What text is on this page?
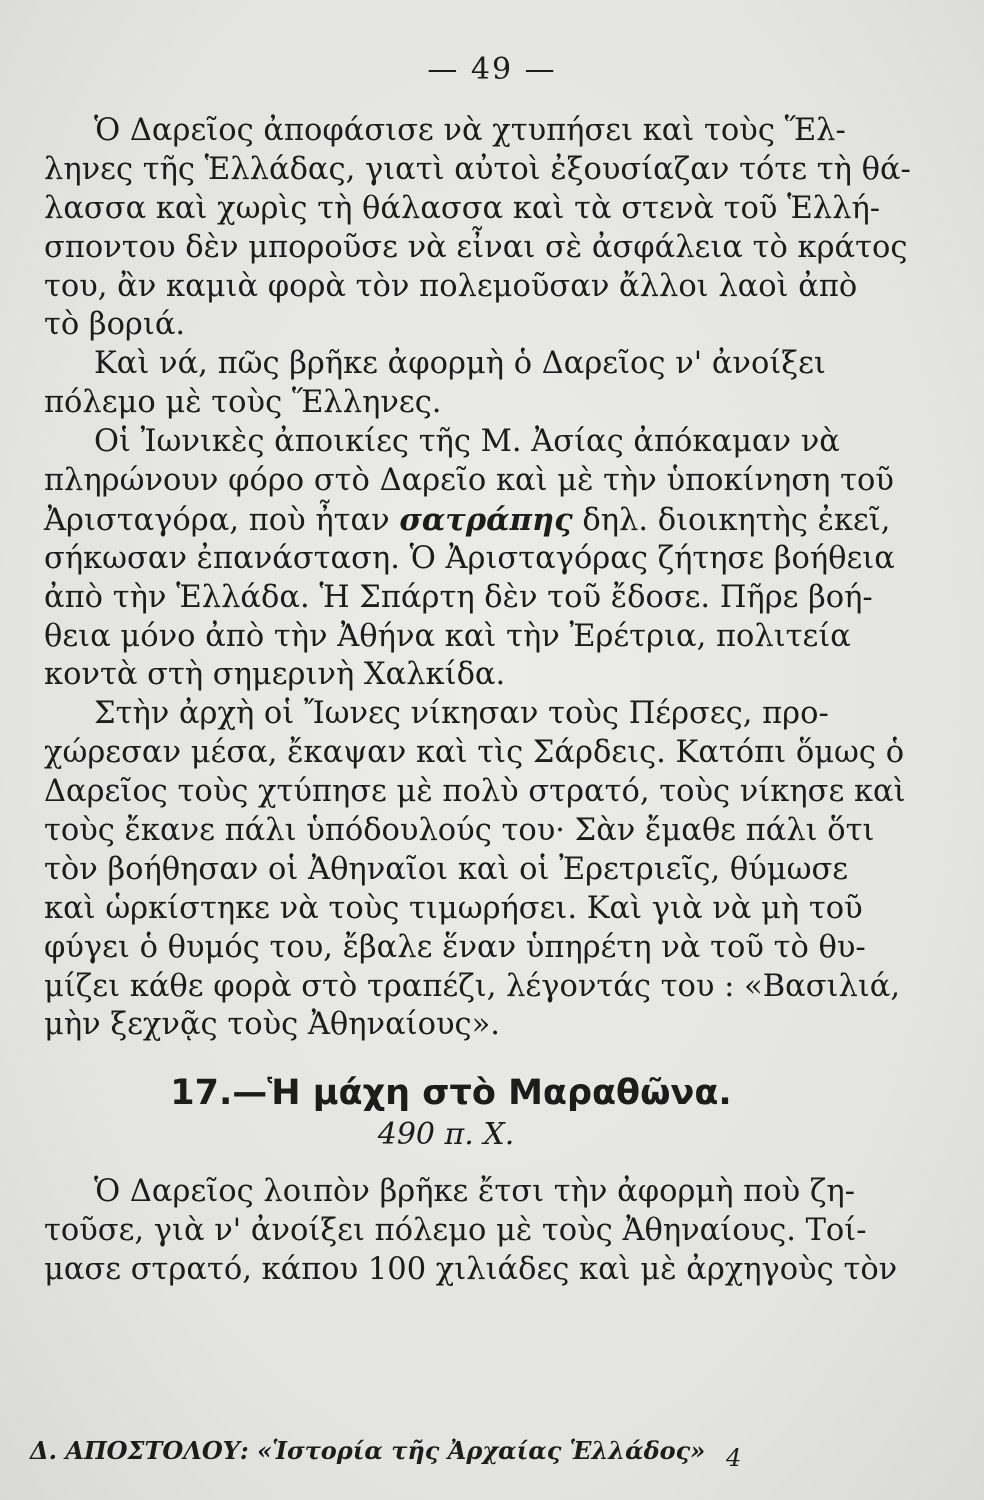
— 49 —
Ὁ Δαρεῖος ἀποφάσισε νὰ χτυπήσει καὶ τοὺς Ἕλ-
ληνες τῆς Ἑλλάδας, γιατὶ αὐτοὶ ἐξουσίαζαν τότε τὴ θά-
λασσα καὶ χωρὶς τὴ θάλασσα καὶ τὰ στενὰ τοῦ Ἑλλή-
σποντου δὲν μποροῦσε νὰ εἶναι σὲ ἀσφάλεια τὸ κράτος
του, ἂν καμιὰ φορὰ τὸν πολεμοῦσαν ἄλλοι λαοὶ ἀπὸ
τὸ βοριά.
Καὶ νά, πῶς βρῆκε ἀφορμὴ ὁ Δαρεῖος ν' ἀνοίξει
πόλεμο μὲ τοὺς Ἕλληνες.
Οἱ Ἰωνικὲς ἀποικίες τῆς Μ. Ἀσίας ἀπόκαμαν νὰ
πληρώνουν φόρο στὸ Δαρεῖο καὶ μὲ τὴν ὑποκίνηση τοῦ
Ἀρισταγόρα, ποὺ ἦταν σατράπης δηλ. διοικητὴς ἐκεῖ,
σήκωσαν ἐπανάσταση. Ὁ Ἀρισταγόρας ζήτησε βοήθεια
ἀπὸ τὴν Ἑλλάδα. Ἡ Σπάρτη δὲν τοῦ ἔδοσε. Πῆρε βοή-
θεια μόνο ἀπὸ τὴν Ἀθήνα καὶ τὴν Ἐρέτρια, πολιτεία
κοντὰ στὴ σημερινὴ Χαλκίδα.
Στὴν ἀρχὴ οἱ Ἴωνες νίκησαν τοὺς Πέρσες, προ-
χώρεσαν μέσα, ἔκαψαν καὶ τὶς Σάρδεις. Κατόπι ὅμως ὁ
Δαρεῖος τοὺς χτύπησε μὲ πολὺ στρατό, τοὺς νίκησε καὶ
τοὺς ἔκανε πάλι ὑπόδουλούς του· Σὰν ἔμαθε πάλι ὅτι
τὸν βοήθησαν οἱ Ἀθηναῖοι καὶ οἱ Ἐρετριεῖς, θύμωσε
καὶ ὡρκίστηκε νὰ τοὺς τιμωρήσει. Καὶ γιὰ νὰ μὴ τοῦ
φύγει ὁ θυμός του, ἔβαλε ἕναν ὑπηρέτη νὰ τοῦ τὸ θυ-
μίζει κάθε φορὰ στὸ τραπέζι, λέγοντάς του : «Βασιλιά,
μὴν ξεχνᾷς τοὺς Ἀθηναίους».
17.—Ἡ μάχη στὸ Μαραθῶνα.
490 π. Χ.
Ὁ Δαρεῖος λοιπὸν βρῆκε ἔτσι τὴν ἀφορμὴ ποὺ ζη-
τοῦσε, γιὰ ν' ἀνοίξει πόλεμο μὲ τοὺς Ἀθηναίους. Τοί-
μασε στρατό, κάπου 100 χιλιάδες καὶ μὲ ἀρχηγοὺς τὸν
Δ. ΑΠΟΣΤΟΛΟΥ: «Ἱστορία τῆς Ἀρχαίας Ἑλλάδος» 4
